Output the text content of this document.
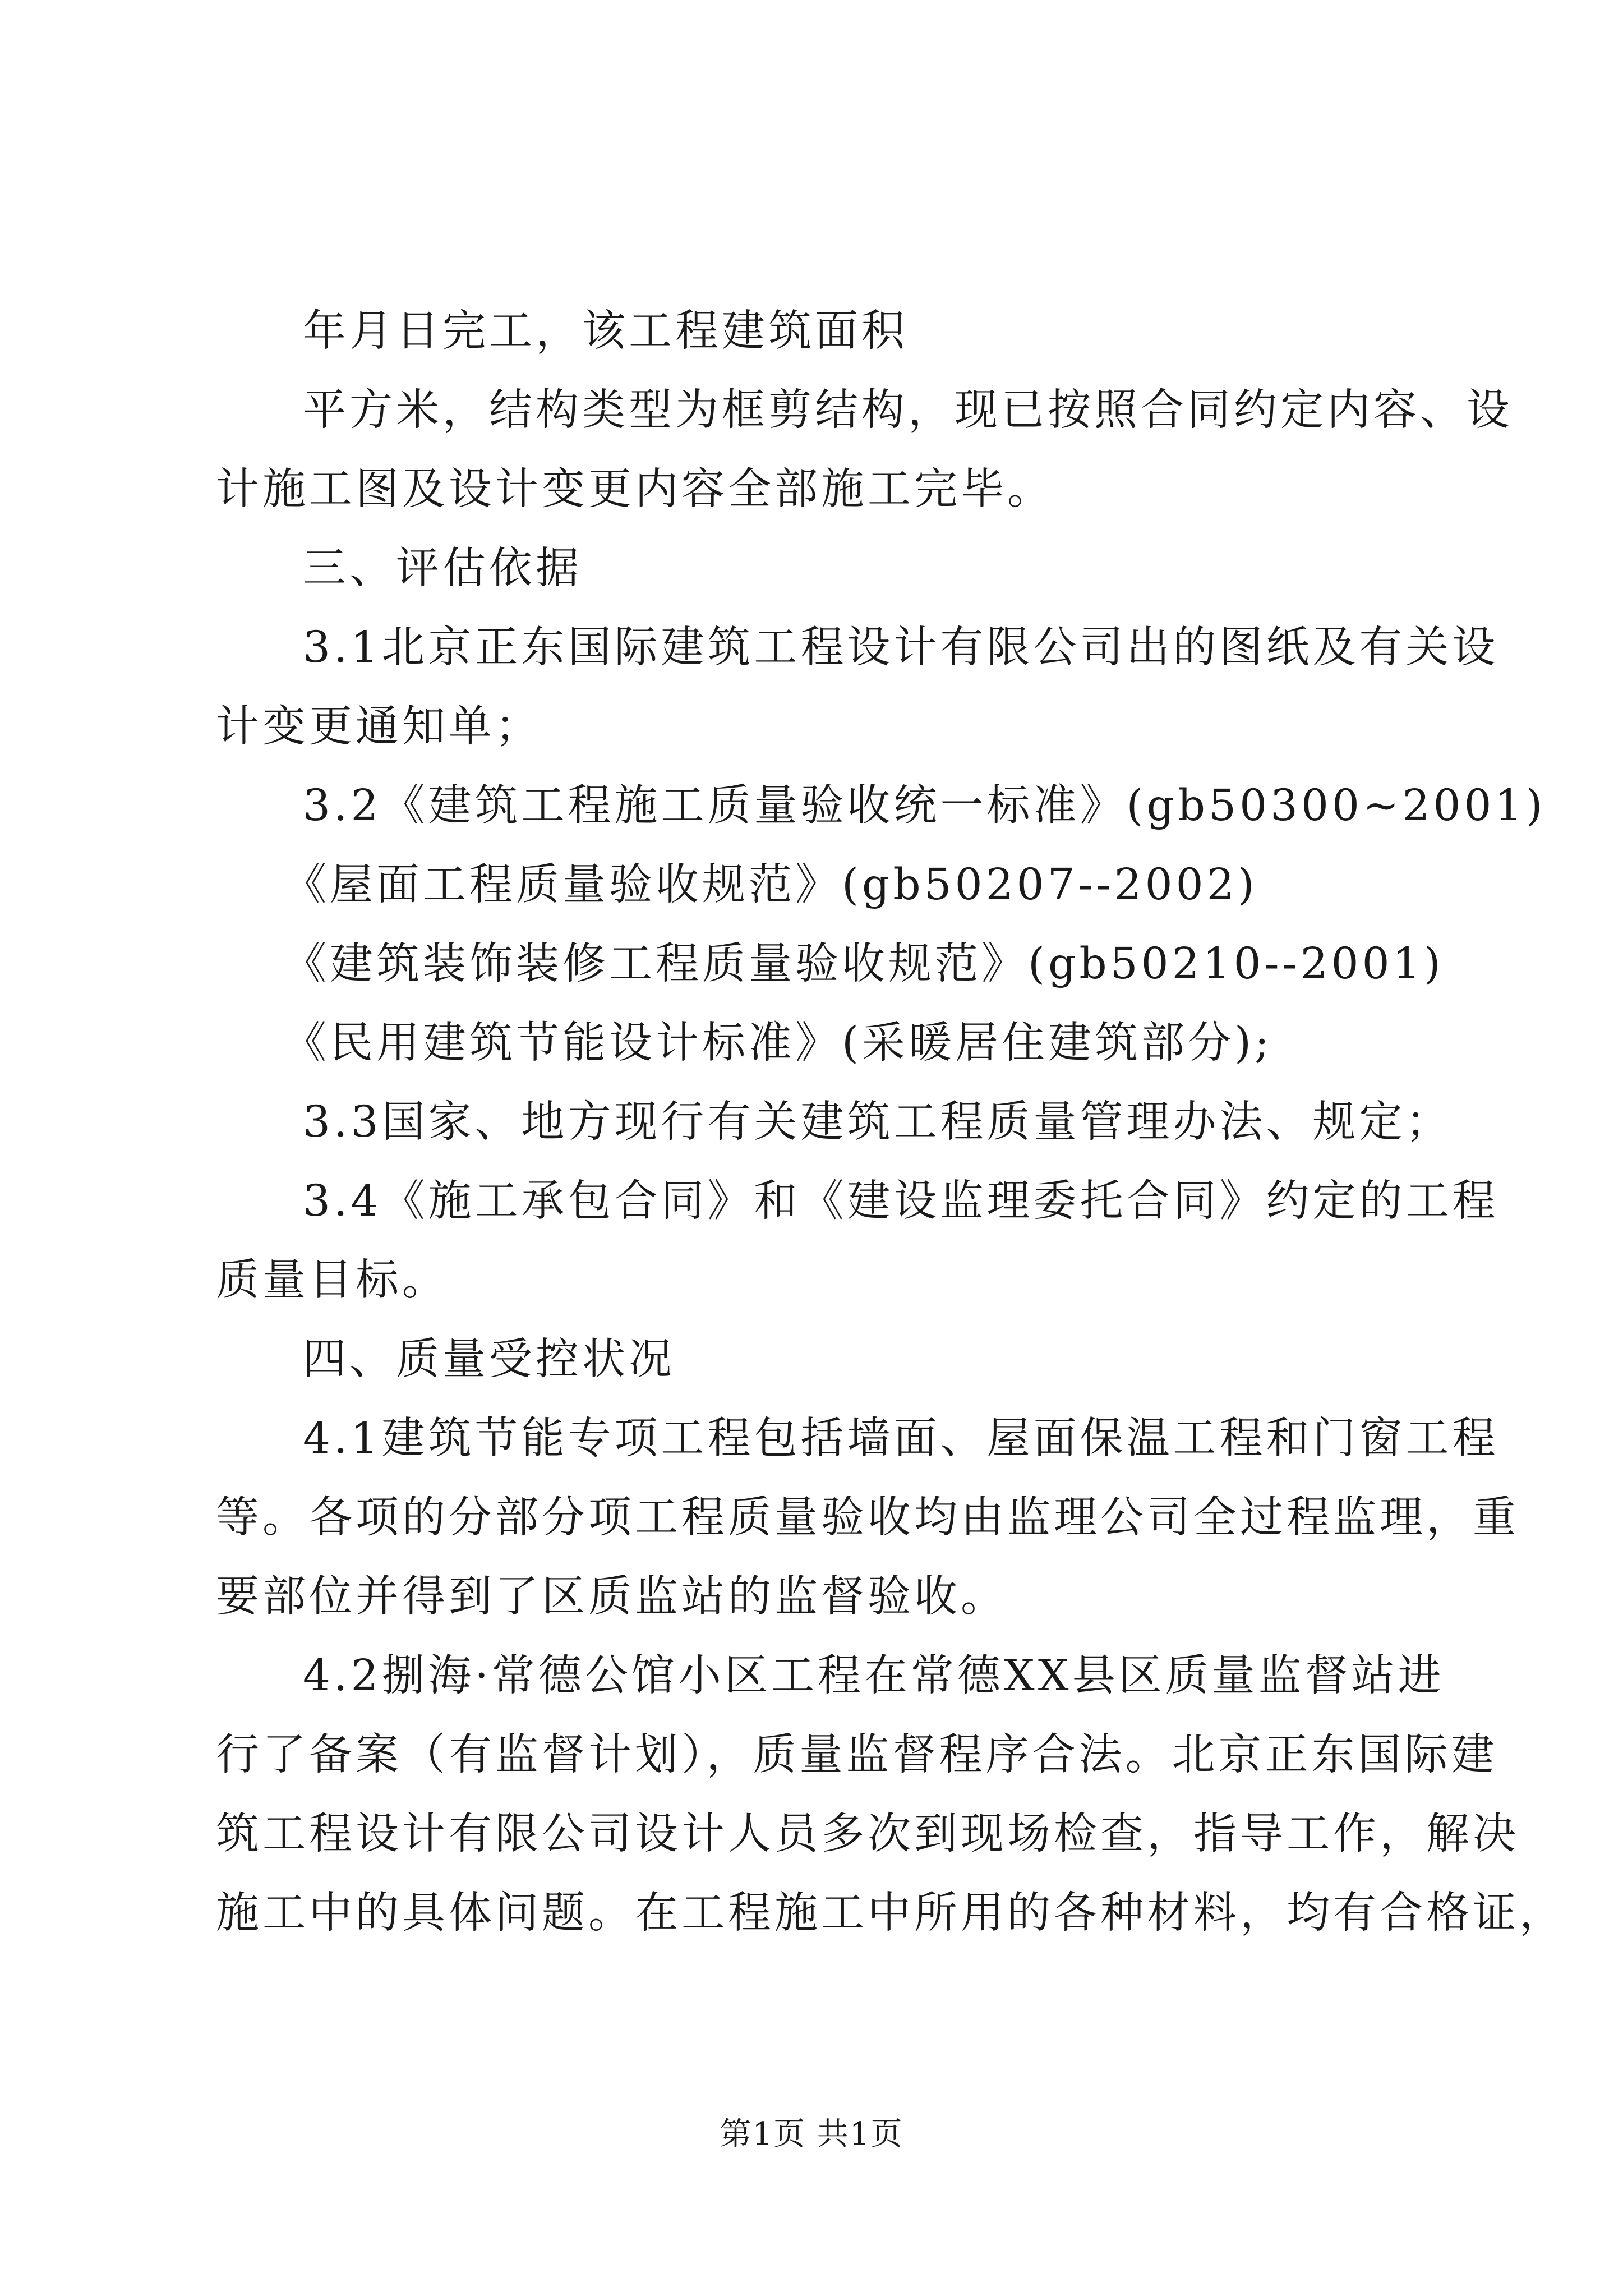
年月日完工，该工程建筑面积
平方米，结构类型为框剪结构，现已按照合同约定内容、设
计施工图及设计变更内容全部施工完毕。
三、评估依据
3.1北京正东国际建筑工程设计有限公司出的图纸及有关设
计变更通知单；
3.2《建筑工程施工质量验收统一标准》(gb50300~2001)
《屋面工程质量验收规范》(gb50207--2002)
《建筑装饰装修工程质量验收规范》(gb50210--2001)
《民用建筑节能设计标准》(采暖居住建筑部分);
3.3国家、地方现行有关建筑工程质量管理办法、规定；
3.4《施工承包合同》和《建设监理委托合同》约定的工程
质量目标。
四、质量受控状况
4.1建筑节能专项工程包括墙面、屋面保温工程和门窗工程
等。各项的分部分项工程质量验收均由监理公司全过程监理，重
要部位并得到了区质监站的监督验收。
4.2捌海·常德公馆小区工程在常德XX县区质量监督站进
行了备案（有监督计划），质量监督程序合法。北京正东国际建
筑工程设计有限公司设计人员多次到现场检查，指导工作，解决
施工中的具体问题。在工程施工中所用的各种材料，均有合格证，
第1页 共1页
